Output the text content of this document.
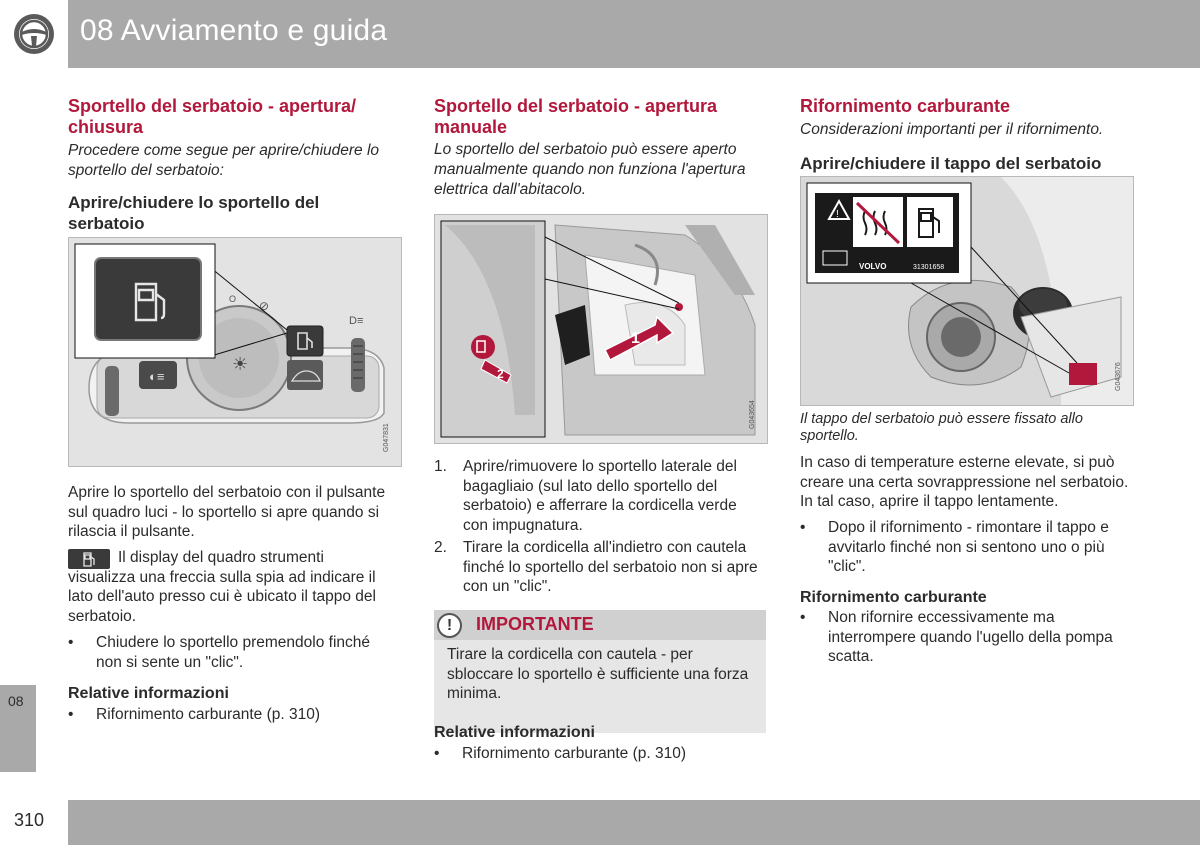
08 Avviamento e guida
08
310
Sportello del serbatoio - apertura/ chiusura
Procedere come segue per aprire/chiudere lo sportello del serbatoio:
Aprire/chiudere lo sportello del serbatoio
☀
◐≡
O ⊘
D≡
G047831

Aprire lo sportello del serbatoio con il pulsante sul quadro luci - lo sportello si apre quando si rilascia il pulsante.

Il display del quadro strumenti visualizza una freccia sulla spia ad indicare il lato dell'auto presso cui è ubicato il tappo del serbatoio.

• Chiudere lo sportello premendolo finché non si sente un "clic".
Relative informazioni
• Rifornimento carburante (p. 310)
Sportello del serbatoio - apertura manuale
Lo sportello del serbatoio può essere aperto manualmente quando non funziona l'apertura elettrica dall'abitacolo.
1
2
G043654
1. Aprire/rimuovere lo sportello laterale del bagagliaio (sul lato dello sportello del serbatoio) e afferrare la cordicella verde con impugnatura.
2. Tirare la cordicella all'indietro con cautela finché lo sportello del serbatoio non si apre con un "clic".
!	IMPORTANTE
Tirare la cordicella con cautela - per sbloccare lo sportello è sufficiente una forza minima.
Relative informazioni
• Rifornimento carburante (p. 310)
Rifornimento carburante
Considerazioni importanti per il rifornimento.
Aprire/chiudere il tappo del serbatoio
!
VOLVO	31301658
G043676
Il tappo del serbatoio può essere fissato allo sportello.

In caso di temperature esterne elevate, si può creare una certa sovrappressione nel serbatoio. In tal caso, aprire il tappo lentamente.

• Dopo il rifornimento - rimontare il tappo e avvitarlo finché non si sentono uno o più "clic".
Rifornimento carburante
• Non rifornire eccessivamente ma interrompere quando l'ugello della pompa scatta.
